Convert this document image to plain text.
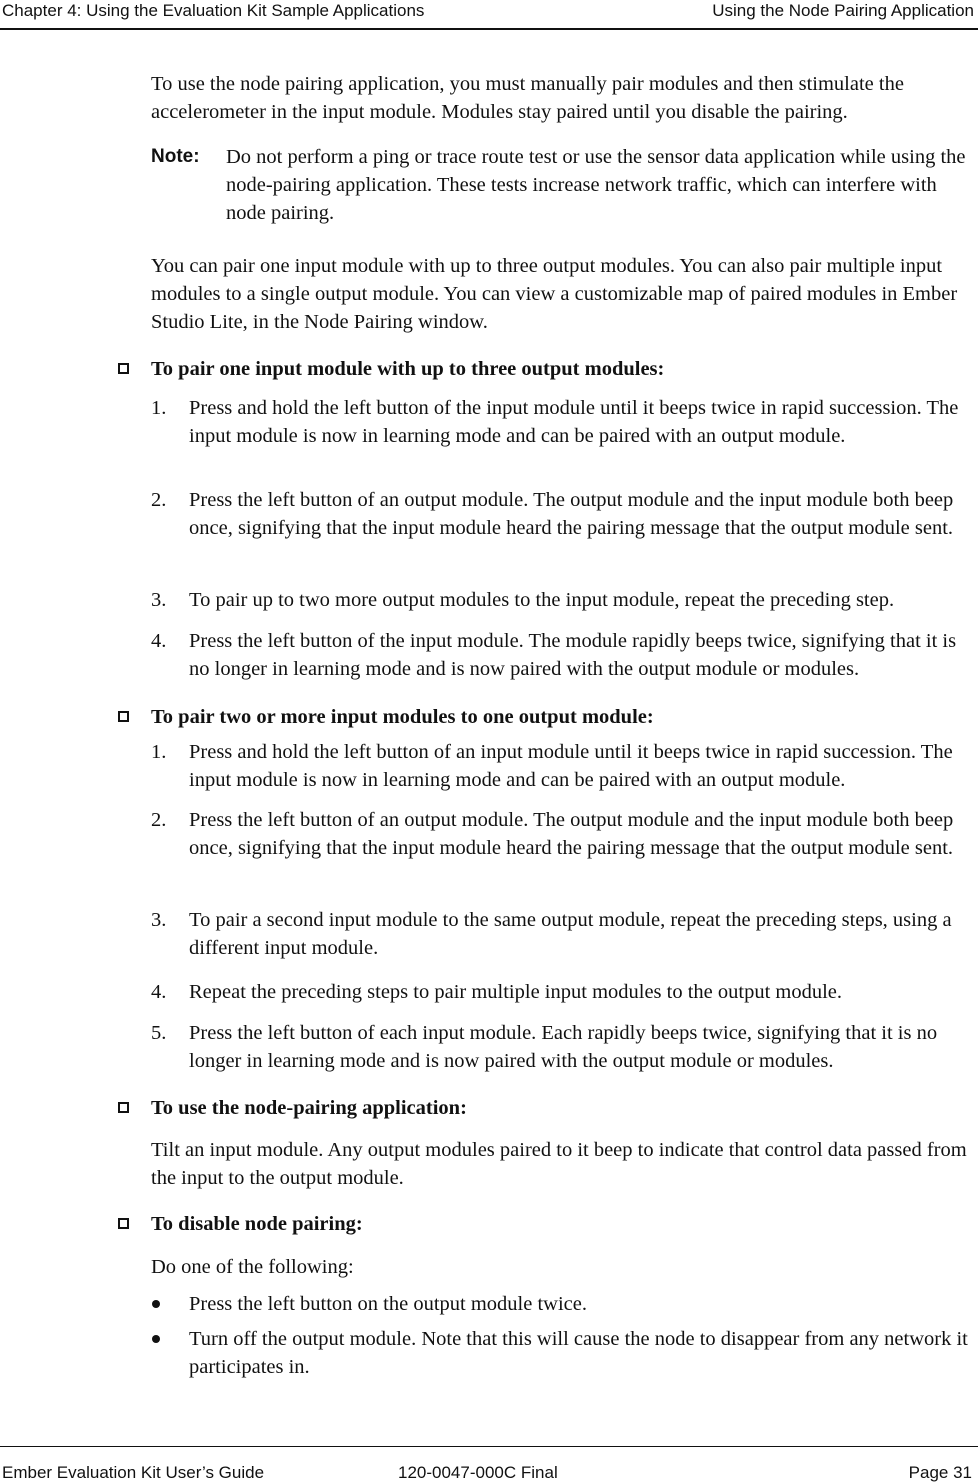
Chapter 4: Using the Evaluation Kit Sample Applications	Using the Node Pairing Application
To use the node pairing application, you must manually pair modules and then stimulate the accelerometer in the input module. Modules stay paired until you disable the pairing.
Note: Do not perform a ping or trace route test or use the sensor data application while using the node-pairing application. These tests increase network traffic, which can interfere with node pairing.
You can pair one input module with up to three output modules. You can also pair multiple input modules to a single output module. You can view a customizable map of paired modules in Ember Studio Lite, in the Node Pairing window.
To pair one input module with up to three output modules:
1.	Press and hold the left button of the input module until it beeps twice in rapid succession. The input module is now in learning mode and can be paired with an output module.
2.	Press the left button of an output module. The output module and the input module both beep once, signifying that the input module heard the pairing message that the output module sent.
3.	To pair up to two more output modules to the input module, repeat the preceding step.
4.	Press the left button of the input module. The module rapidly beeps twice, signifying that it is no longer in learning mode and is now paired with the output module or modules.
To pair two or more input modules to one output module:
1.	Press and hold the left button of an input module until it beeps twice in rapid succession. The input module is now in learning mode and can be paired with an output module.
2.	Press the left button of an output module. The output module and the input module both beep once, signifying that the input module heard the pairing message that the output module sent.
3.	To pair a second input module to the same output module, repeat the preceding steps, using a different input module.
4.	Repeat the preceding steps to pair multiple input modules to the output module.
5.	Press the left button of each input module. Each rapidly beeps twice, signifying that it is no longer in learning mode and is now paired with the output module or modules.
To use the node-pairing application:
Tilt an input module. Any output modules paired to it beep to indicate that control data passed from the input to the output module.
To disable node pairing:
Do one of the following:
Press the left button on the output module twice.
Turn off the output module. Note that this will cause the node to disappear from any network it participates in.
Ember Evaluation Kit User’s Guide	120-0047-000C Final	Page 31
